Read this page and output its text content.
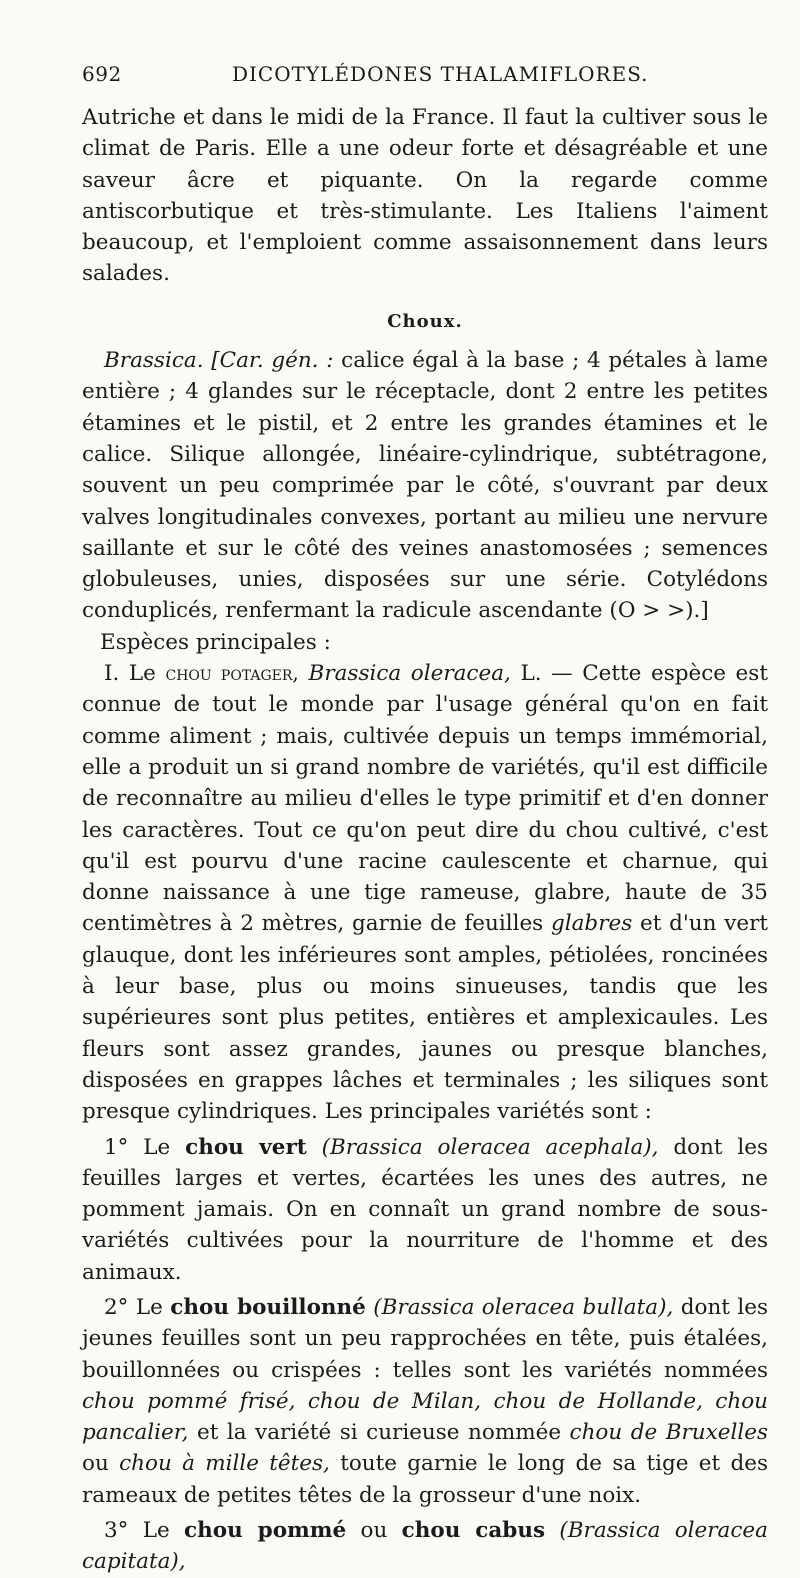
692	DICOTYLÉDONES THALAMIFLORES.

Autriche et dans le midi de la France. Il faut la cultiver sous le climat de Paris. Elle a une odeur forte et désagréable et une saveur âcre et piquante. On la regarde comme antiscorbutique et très-stimulante. Les Italiens l'aiment beaucoup, et l'emploient comme assaisonnement dans leurs salades.

Choux.

Brassica. [Car. gén. : calice égal à la base ; 4 pétales à lame entière ; 4 glandes sur le réceptacle, dont 2 entre les petites étamines et le pistil, et 2 entre les grandes étamines et le calice. Silique allongée, linéaire-cylindrique, subtétragone, souvent un peu comprimée par le côté, s'ouvrant par deux valves longitudinales convexes, portant au milieu une nervure saillante et sur le côté des veines anastomosées ; semences globuleuses, unies, disposées sur une série. Cotylédons conduplicés, renfermant la radicule ascendante (O > >).]

Espèces principales :

I. Le chou potager, Brassica oleracea, L. — Cette espèce est connue de tout le monde par l'usage général qu'on en fait comme aliment ; mais, cultivée depuis un temps immémorial, elle a produit un si grand nombre de variétés, qu'il est difficile de reconnaître au milieu d'elles le type primitif et d'en donner les caractères. Tout ce qu'on peut dire du chou cultivé, c'est qu'il est pourvu d'une racine caulescente et charnue, qui donne naissance à une tige rameuse, glabre, haute de 35 centimètres à 2 mètres, garnie de feuilles glabres et d'un vert glauque, dont les inférieures sont amples, pétiolées, roncinées à leur base, plus ou moins sinueuses, tandis que les supérieures sont plus petites, entières et amplexicaules. Les fleurs sont assez grandes, jaunes ou presque blanches, disposées en grappes lâches et terminales ; les siliques sont presque cylindriques. Les principales variétés sont :

1° Le chou vert (Brassica oleracea acephala), dont les feuilles larges et vertes, écartées les unes des autres, ne pomment jamais. On en connaît un grand nombre de sous-variétés cultivées pour la nourriture de l'homme et des animaux.

2° Le chou bouillonné (Brassica oleracea bullata), dont les jeunes feuilles sont un peu rapprochées en tête, puis étalées, bouillonnées ou crispées : telles sont les variétés nommées chou pommé frisé, chou de Milan, chou de Hollande, chou pancalier, et la variété si curieuse nommée chou de Bruxelles ou chou à mille têtes, toute garnie le long de sa tige et des rameaux de petites têtes de la grosseur d'une noix.

3° Le chou pommé ou chou cabus (Brassica oleracea capitata),
